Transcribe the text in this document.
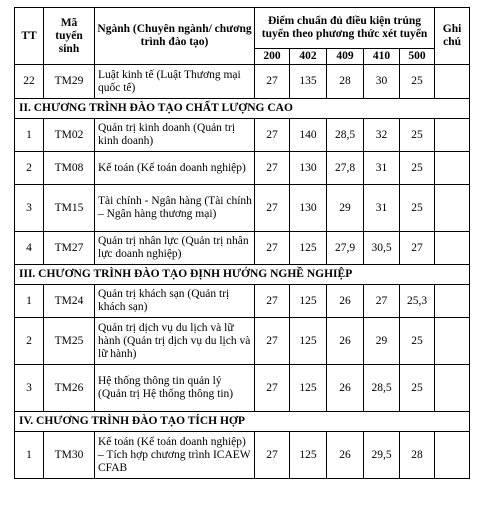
TT	Mã tuyển sinh	Ngành (Chuyên ngành/ chương trình đào tạo)	Điểm chuẩn đủ điều kiện trúng tuyển theo phương thức xét tuyển					Ghi chú
			200	402	409	410	500	
22	TM29	Luật kinh tế (Luật Thương mại quốc tế)	27	135	28	30	25	
II. CHƯƠNG TRÌNH ĐÀO TẠO CHẤT LƯỢNG CAO								
1	TM02	Quản trị kinh doanh (Quản trị kinh doanh)	27	140	28,5	32	25	
2	TM08	Kế toán (Kế toán doanh nghiệp)	27	130	27,8	31	25	
3	TM15	Tài chính - Ngân hàng (Tài chính – Ngân hàng thương mại)	27	130	29	31	25	
4	TM27	Quản trị nhân lực (Quản trị nhân lực doanh nghiệp)	27	125	27,9	30,5	27	
III. CHƯƠNG TRÌNH ĐÀO TẠO ĐỊNH HƯỚNG NGHỀ NGHIỆP								
1	TM24	Quản trị khách sạn (Quản trị khách sạn)	27	125	26	27	25,3	
2	TM25	Quản trị dịch vụ du lịch và lữ hành (Quản trị dịch vụ du lịch và lữ hành)	27	125	26	29	25	
3	TM26	Hệ thống thông tin quản lý (Quản trị Hệ thống thông tin)	27	125	26	28,5	25	
IV. CHƯƠNG TRÌNH ĐÀO TẠO TÍCH HỢP								
1	TM30	Kế toán (Kế toán doanh nghiệp) – Tích hợp chương trình ICAEW CFAB	27	125	26	29,5	28	
